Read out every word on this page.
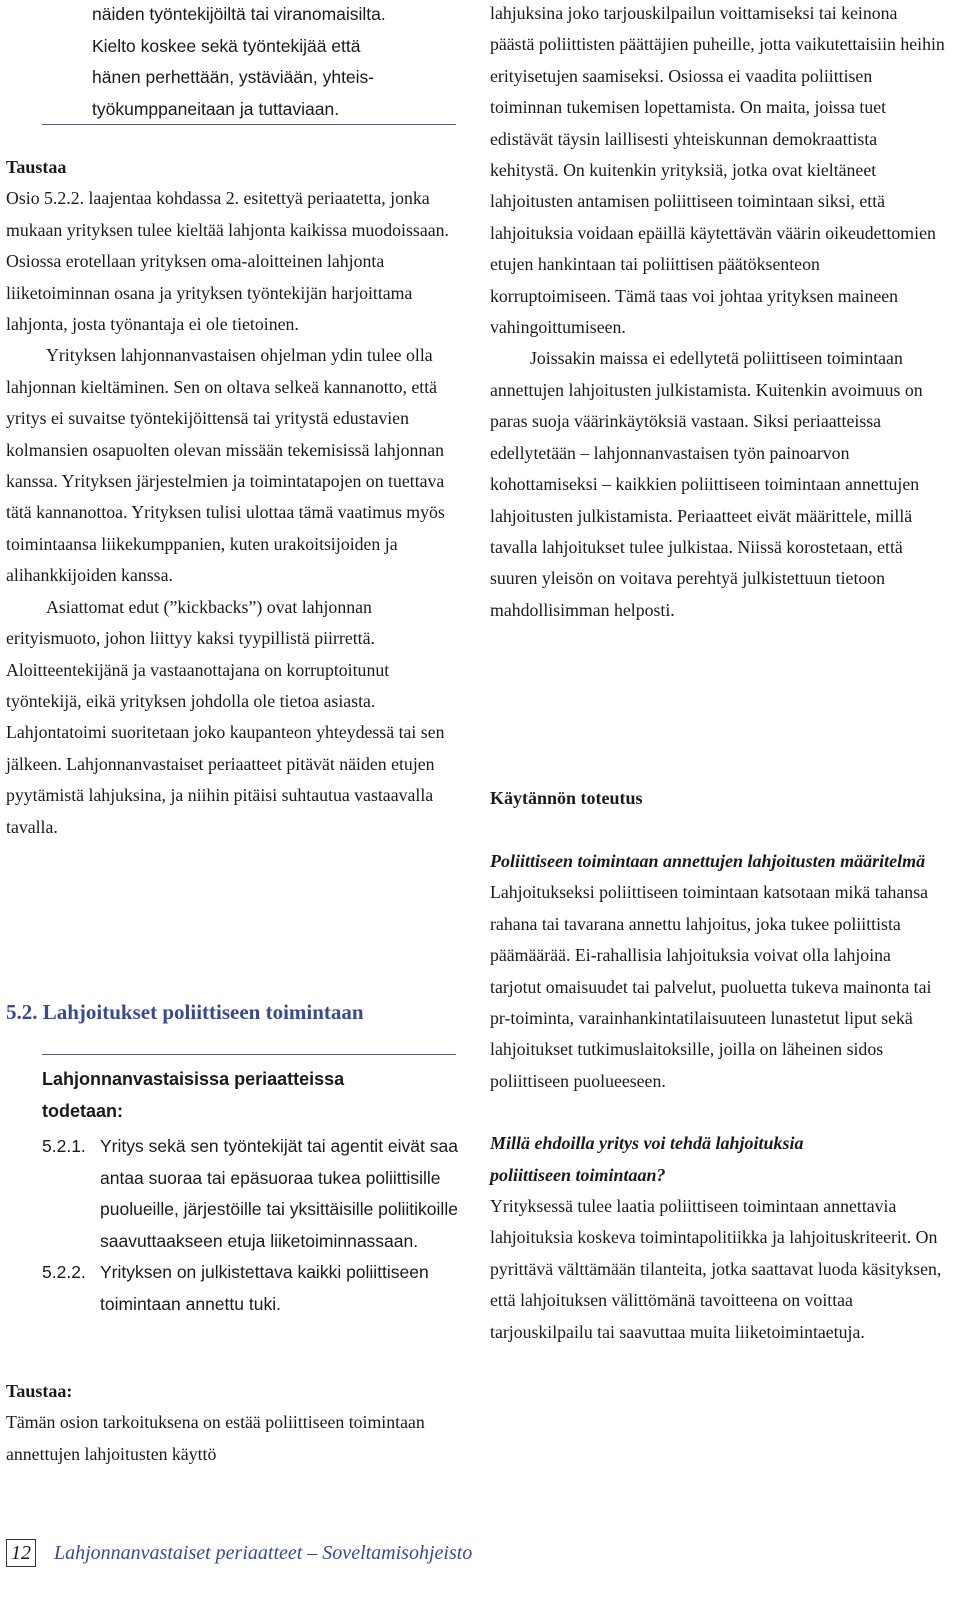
näiden työntekijöiltä tai viranomaisilta.
Kielto koskee sekä työntekijää että
hänen perhettään, ystäviään, yhteis-
työkumppaneitaan ja tuttaviaan.
Taustaa

Osio 5.2.2. laajentaa kohdassa 2. esitettyä periaatetta, jonka mukaan yrityksen tulee kieltää lahjonta kaikissa muodoissaan. Osiossa erotellaan yrityksen oma-aloitteinen lahjonta liiketoiminnan osana ja yrityksen työntekijän harjoittama lahjonta, josta työnantaja ei ole tietoinen.

Yrityksen lahjonnanvastaisen ohjelman ydin tulee olla lahjonnan kieltäminen. Sen on oltava selkeä kannanotto, että yritys ei suvaitse työntekijöittensä tai yritystä edustavien kolmansien osapuolten olevan missään tekemisissä lahjonnan kanssa. Yrityksen järjestelmien ja toimintatapojen on tuettava tätä kannanottoa. Yrityksen tulisi ulottaa tämä vaatimus myös toimintaansa liikekumppanien, kuten urakoitsijoiden ja alihankkijoiden kanssa.

Asiattomat edut (”kickbacks”) ovat lahjonnan erityismuoto, johon liittyy kaksi tyypillistä piirrettä. Aloitteentekijänä ja vastaanottajana on korruptoitunut työntekijä, eikä yrityksen johdolla ole tietoa asiasta. Lahjontatoimi suoritetaan joko kaupanteon yhteydessä tai sen jälkeen. Lahjonnanvastaiset periaatteet pitävät näiden etujen pyytämistä lahjuksina, ja niihin pitäisi suhtautua vastaavalla tavalla.

5.2. Lahjoitukset poliittiseen toimintaan
Lahjonnanvastaisissa periaatteissa todetaan:
5.2.1. Yritys sekä sen työntekijät tai agentit eivät saa antaa suoraa tai epäsuoraa tukea poliittisille puolueille, järjestöille tai yksittäisille poliitikoille saavuttaakseen etuja liiketoiminnassaan.
5.2.2. Yrityksen on julkistettava kaikki poliittiseen toimintaan annettu tuki.
Taustaa:

Tämän osion tarkoituksena on estää poliittiseen toimintaan annettujen lahjoitusten käyttö

lahjuksina joko tarjouskilpailun voittamiseksi tai keinona päästä poliittisten päättäjien puheille, jotta vaikutettaisiin heihin erityisetujen saamiseksi. Osiossa ei vaadita poliittisen toiminnan tukemisen lopettamista. On maita, joissa tuet edistävät täysin laillisesti yhteiskunnan demokraattista kehitystä. On kuitenkin yrityksiä, jotka ovat kieltäneet lahjoitusten antamisen poliittiseen toimintaan siksi, että lahjoituksia voidaan epäillä käytettävän väärin oikeudettomien etujen hankintaan tai poliittisen päätöksenteon korruptoimiseen. Tämä taas voi johtaa yrityksen maineen vahingoittumiseen.

Joissakin maissa ei edellytetä poliittiseen toimintaan annettujen lahjoitusten julkistamista. Kuitenkin avoimuus on paras suoja väärinkäytöksiä vastaan. Siksi periaatteissa edellytetään – lahjonnanvastaisen työn painoarvon kohottamiseksi – kaikkien poliittiseen toimintaan annettujen lahjoitusten julkistamista. Periaatteet eivät määrittele, millä tavalla lahjoitukset tulee julkistaa. Niissä korostetaan, että suuren yleisön on voitava perehtyä julkistettuun tietoon mahdollisimman helposti.

Käytännön toteutus
Poliittiseen toimintaan annettujen lahjoitusten määritelmä

Lahjoitukseksi poliittiseen toimintaan katsotaan mikä tahansa rahana tai tavarana annettu lahjoitus, joka tukee poliittista päämäärää. Ei-rahallisia lahjoituksia voivat olla lahjoina tarjotut omaisuudet tai palvelut, puoluetta tukeva mainonta tai pr-toiminta, varainhankintatilaisuuteen lunastetut liput sekä lahjoitukset tutkimuslaitoksille, joilla on läheinen sidos poliittiseen puolueeseen.

Millä ehdoilla yritys voi tehdä lahjoituksia poliittiseen toimintaan?

Yrityksessä tulee laatia poliittiseen toimintaan annettavia lahjoituksia koskeva toimintapolitiikka ja lahjoituskriteerit. On pyrittävä välttämään tilanteita, jotka saattavat luoda käsityksen, että lahjoituksen välittömänä tavoitteena on voittaa tarjouskilpailu tai saavuttaa muita liiketoimintaetuja.

12 Lahjonnanvastaiset periaatteet – Soveltamisohjeisto
